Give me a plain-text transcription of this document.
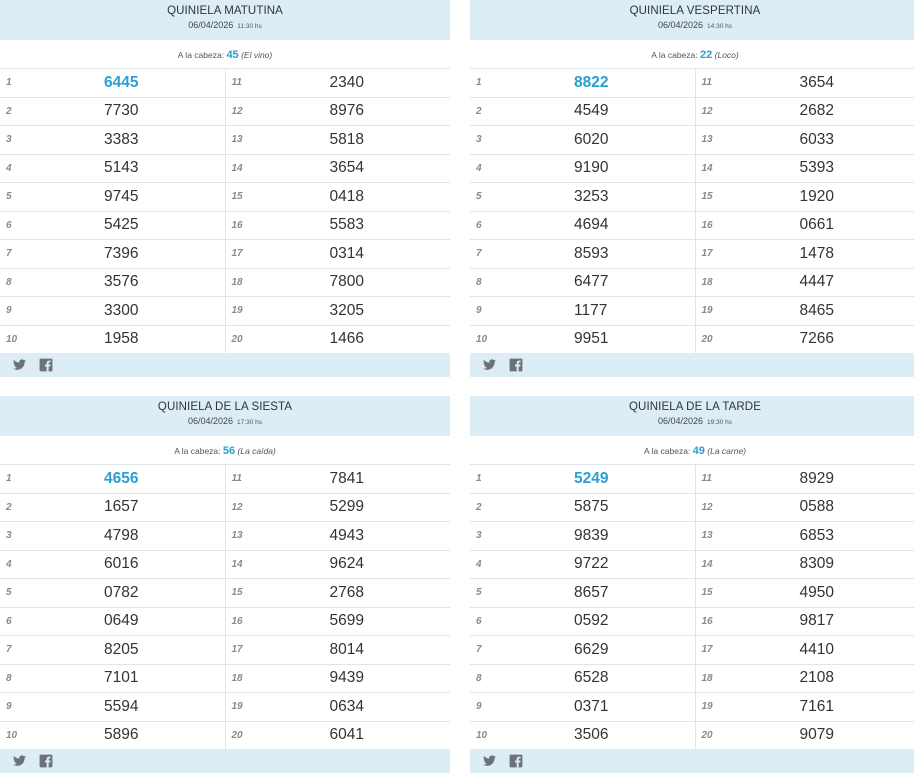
QUINIELA MATUTINA
06/04/2026 11:30 hs
A la cabeza: 45 (El vino)
1	6445
2	7730
3	3383
4	5143
5	9745
6	5425
7	7396
8	3576
9	3300
10	1958
11	2340
12	8976
13	5818
14	3654
15	0418
16	5583
17	0314
18	7800
19	3205
20	1466
QUINIELA VESPERTINA
06/04/2026 14:30 hs
A la cabeza: 22 (Loco)
1	8822
2	4549
3	6020
4	9190
5	3253
6	4694
7	8593
8	6477
9	1177
10	9951
11	3654
12	2682
13	6033
14	5393
15	1920
16	0661
17	1478
18	4447
19	8465
20	7266
QUINIELA DE LA SIESTA
06/04/2026 17:30 hs
A la cabeza: 56 (La caída)
1	4656
2	1657
3	4798
4	6016
5	0782
6	0649
7	8205
8	7101
9	5594
10	5896
11	7841
12	5299
13	4943
14	9624
15	2768
16	5699
17	8014
18	9439
19	0634
20	6041
QUINIELA DE LA TARDE
06/04/2026 19:30 hs
A la cabeza: 49 (La carne)
1	5249
2	5875
3	9839
4	9722
5	8657
6	0592
7	6629
8	6528
9	0371
10	3506
11	8929
12	0588
13	6853
14	8309
15	4950
16	9817
17	4410
18	2108
19	7161
20	9079
